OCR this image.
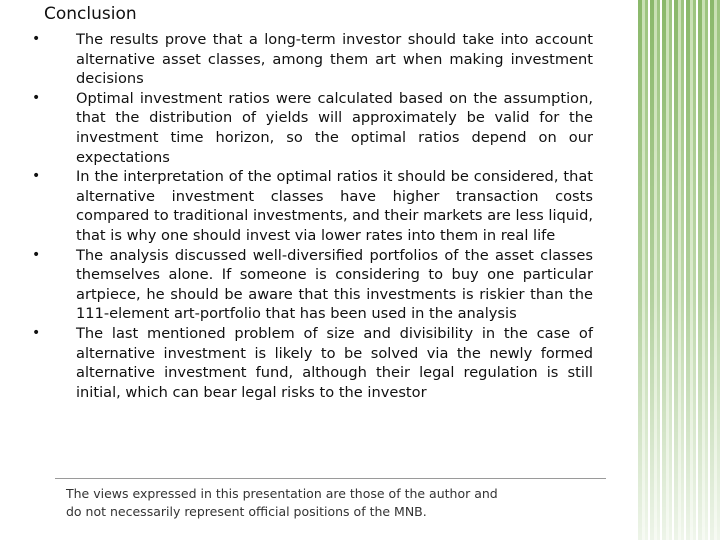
Conclusion
• The results prove that a long-term investor should take into account alternative asset classes, among them art when making investment decisions
• Optimal investment ratios were calculated based on the assumption, that the distribution of yields will approximately be valid for the investment time horizon, so the optimal ratios depend on our expectations
• In the interpretation of the optimal ratios it should be considered, that alternative investment classes have higher transaction costs compared to traditional investments, and their markets are less liquid, that is why one should invest via lower rates into them in real life
• The analysis discussed well-diversified portfolios of the asset classes themselves alone. If someone is considering to buy one particular artpiece, he should be aware that this investments is riskier than the 111-element art-portfolio that has been used in the analysis
• The last mentioned problem of size and divisibility in the case of alternative investment is likely to be solved via the newly formed alternative investment fund, although their legal regulation is still initial, which can bear legal risks to the investor
The views expressed in this presentation are those of the author and
do not necessarily represent official positions of the MNB.
